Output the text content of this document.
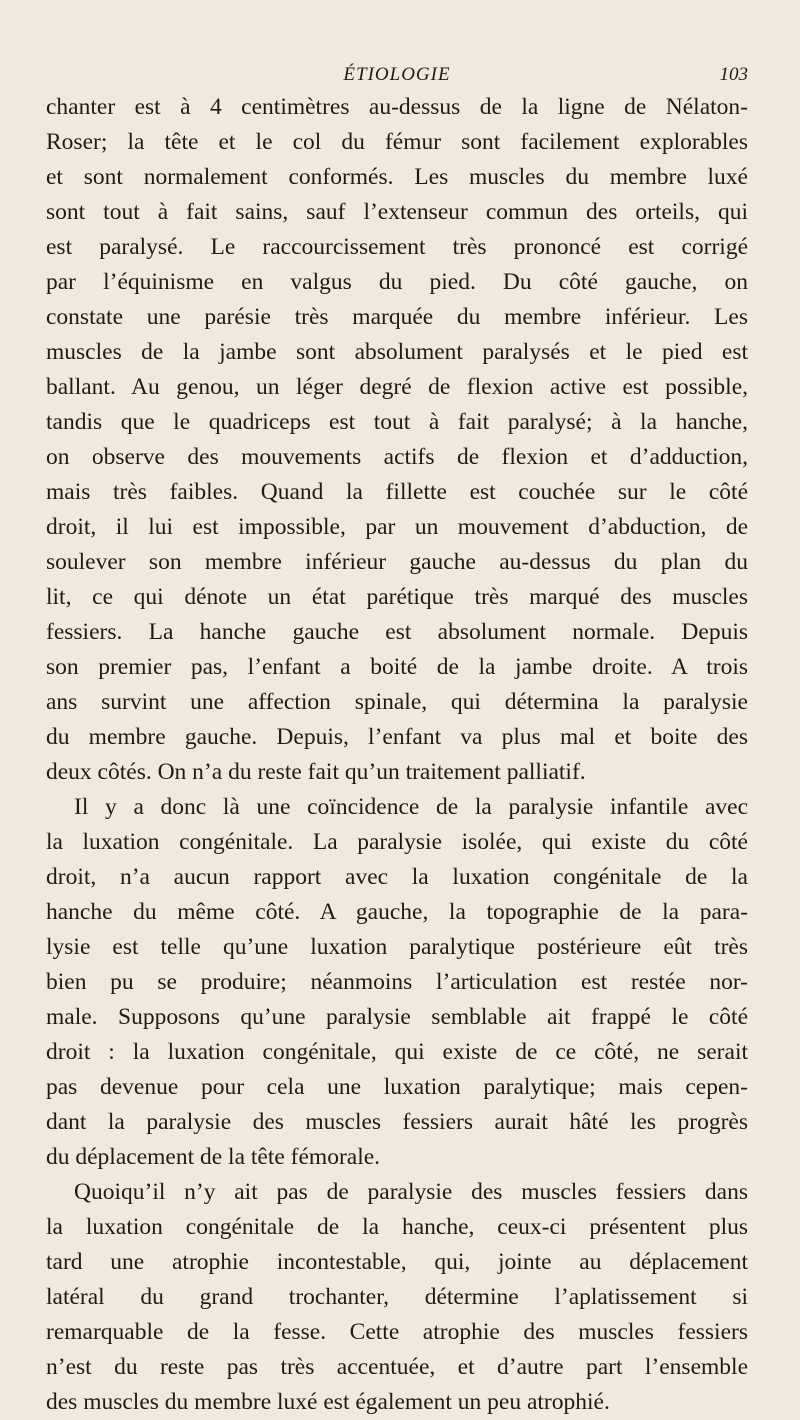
ÉTIOLOGIE	103
chanter est à 4 centimètres au-dessus de la ligne de Nélaton-
Roser; la tête et le col du fémur sont facilement explorables
et sont normalement conformés. Les muscles du membre luxé
sont tout à fait sains, sauf l’extenseur commun des orteils, qui
est paralysé. Le raccourcissement très prononcé est corrigé
par l’équinisme en valgus du pied. Du côté gauche, on
constate une parésie très marquée du membre inférieur. Les
muscles de la jambe sont absolument paralysés et le pied est
ballant. Au genou, un léger degré de flexion active est possible,
tandis que le quadriceps est tout à fait paralysé; à la hanche,
on observe des mouvements actifs de flexion et d’adduction,
mais très faibles. Quand la fillette est couchée sur le côté
droit, il lui est impossible, par un mouvement d’abduction, de
soulever son membre inférieur gauche au-dessus du plan du
lit, ce qui dénote un état parétique très marqué des muscles
fessiers. La hanche gauche est absolument normale. Depuis
son premier pas, l’enfant a boité de la jambe droite. A trois
ans survint une affection spinale, qui détermina la paralysie
du membre gauche. Depuis, l’enfant va plus mal et boite des
deux côtés. On n’a du reste fait qu’un traitement palliatif.
Il y a donc là une coïncidence de la paralysie infantile avec
la luxation congénitale. La paralysie isolée, qui existe du côté
droit, n’a aucun rapport avec la luxation congénitale de la
hanche du même côté. A gauche, la topographie de la para-
lysie est telle qu’une luxation paralytique postérieure eût très
bien pu se produire; néanmoins l’articulation est restée nor-
male. Supposons qu’une paralysie semblable ait frappé le côté
droit : la luxation congénitale, qui existe de ce côté, ne serait
pas devenue pour cela une luxation paralytique; mais cepen-
dant la paralysie des muscles fessiers aurait hâté les progrès
du déplacement de la tête fémorale.
Quoiqu’il n’y ait pas de paralysie des muscles fessiers dans
la luxation congénitale de la hanche, ceux-ci présentent plus
tard une atrophie incontestable, qui, jointe au déplacement
latéral du grand trochanter, détermine l’aplatissement si
remarquable de la fesse. Cette atrophie des muscles fessiers
n’est du reste pas très accentuée, et d’autre part l’ensemble
des muscles du membre luxé est également un peu atrophié.
